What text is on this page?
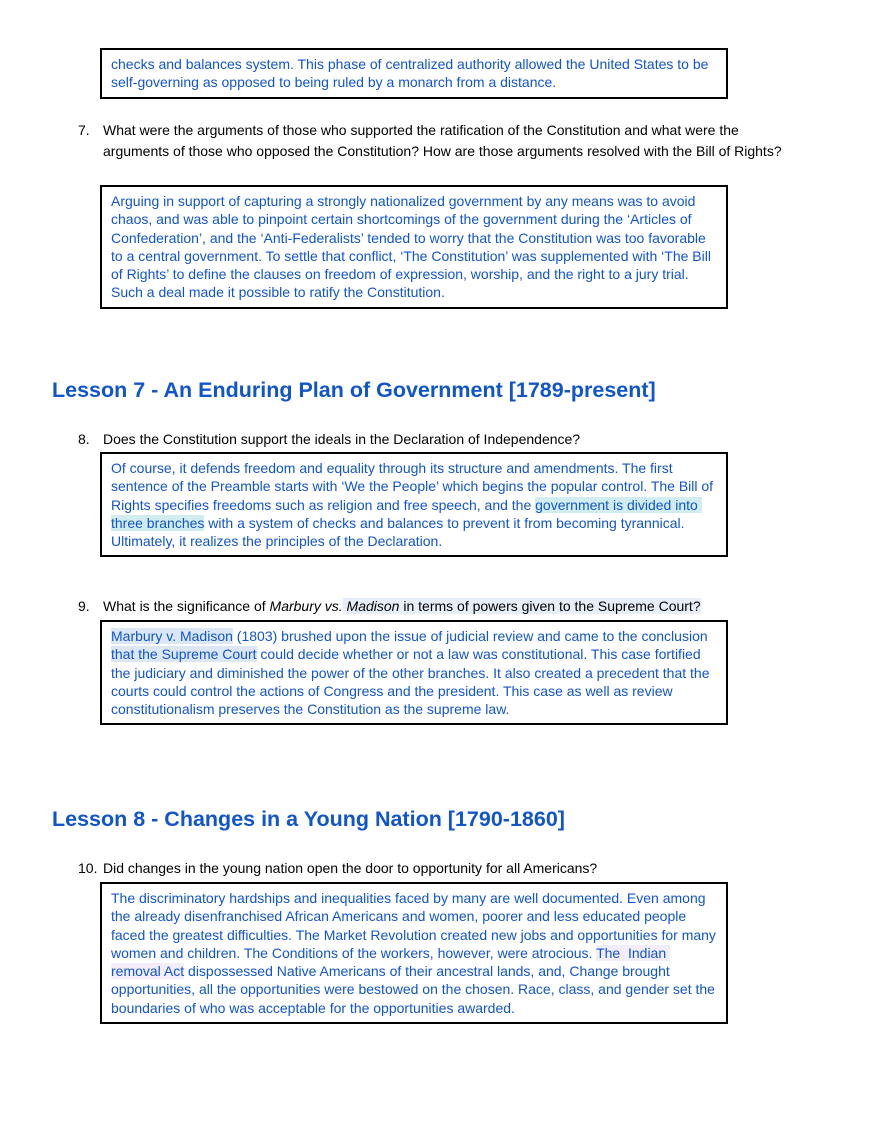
checks and balances system. This phase of centralized authority allowed the United States to be self-governing as opposed to being ruled by a monarch from a distance.
7. What were the arguments of those who supported the ratification of the Constitution and what were the arguments of those who opposed the Constitution? How are those arguments resolved with the Bill of Rights?
Arguing in support of capturing a strongly nationalized government by any means was to avoid chaos, and was able to pinpoint certain shortcomings of the government during the ‘Articles of Confederation’, and the ‘Anti-Federalists’ tended to worry that the Constitution was too favorable to a central government. To settle that conflict, ‘The Constitution’ was supplemented with ‘The Bill of Rights’ to define the clauses on freedom of expression, worship, and the right to a jury trial. Such a deal made it possible to ratify the Constitution.
Lesson 7 - An Enduring Plan of Government [1789-present]
8. Does the Constitution support the ideals in the Declaration of Independence?
Of course, it defends freedom and equality through its structure and amendments. The first sentence of the Preamble starts with ‘We the People’ which begins the popular control. The Bill of Rights specifies freedoms such as religion and free speech, and the government is divided into three branches with a system of checks and balances to prevent it from becoming tyrannical. Ultimately, it realizes the principles of the Declaration.
9. What is the significance of Marbury vs. Madison in terms of powers given to the Supreme Court?
Marbury v. Madison (1803) brushed upon the issue of judicial review and came to the conclusion that the Supreme Court could decide whether or not a law was constitutional. This case fortified the judiciary and diminished the power of the other branches. It also created a precedent that the courts could control the actions of Congress and the president. This case as well as review constitutionalism preserves the Constitution as the supreme law.
Lesson 8 - Changes in a Young Nation [1790-1860]
10. Did changes in the young nation open the door to opportunity for all Americans?
The discriminatory hardships and inequalities faced by many are well documented. Even among the already disenfranchised African Americans and women, poorer and less educated people faced the greatest difficulties. The Market Revolution created new jobs and opportunities for many women and children. The Conditions of the workers, however, were atrocious. The  Indian removal Act dispossessed Native Americans of their ancestral lands, and, Change brought opportunities, all the opportunities were bestowed on the chosen. Race, class, and gender set the boundaries of who was acceptable for the opportunities awarded.
